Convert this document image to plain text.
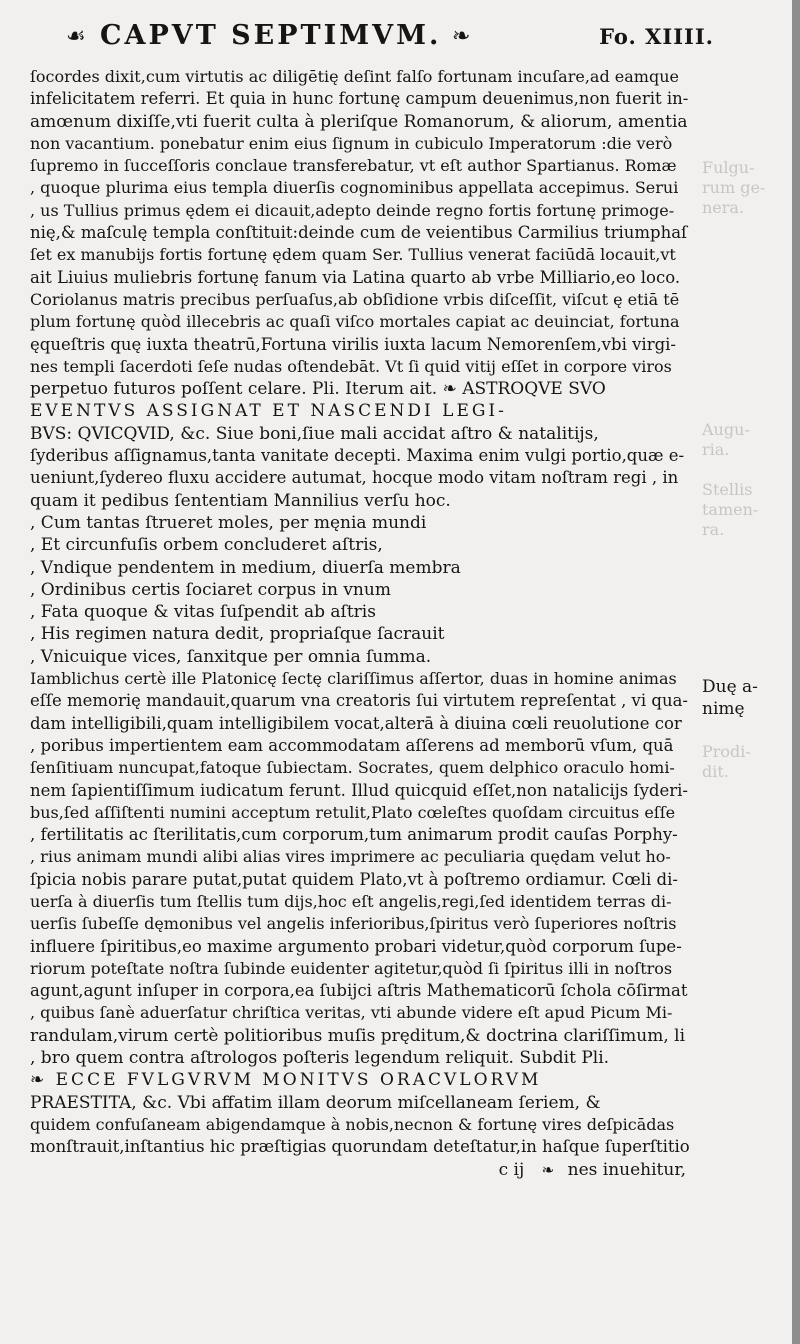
☙ CAPVT SEPTIMVM. ❧	Fo. XIIII.
ſocordes dixit,cum virtutis ac diligētię deſint falſo fortunam incuſare,ad eamque
infelicitatem referri. Et quia in hunc fortunę campum deuenimus,non fuerit in-
amœnum dixiſſe,vti fuerit culta à pleriſque Romanorum, & aliorum, amentia
non vacantium. ponebatur enim eius ſignum in cubiculo Imperatorum :die verò
ſupremo in ſucceſſoris conclaue transferebatur, vt eſt author Spartianus. Romæ
, quoque plurima eius templa diuerſis cognominibus appellata accepimus. Serui
, us Tullius primus ędem ei dicauit,adepto deinde regno fortis fortunę primoge-
nię,& maſculę templa conſtituit:deinde cum de veientibus Carmilius triumphaſ
ſet ex manubijs fortis fortunę ędem quam Ser. Tullius venerat faciūdā locauit,vt
ait Liuius muliebris fortunę fanum via Latina quarto ab vrbe Milliario,eo loco.
Coriolanus matris precibus perſuaſus,ab obſidione vrbis diſceſſit, viſcut ę etiā tē
plum fortunę quòd illecebris ac quaſi viſco mortales capiat ac deuinciat, fortuna
ęqueſtris quę iuxta theatrū,Fortuna virilis iuxta lacum Nemorenſem,vbi virgi-
nes templi ſacerdoti ſeſe nudas oſtendebāt. Vt ſi quid vitij eſſet in corpore viros
perpetuo futuros poſſent celare. Pli. Iterum ait. ❧ ASTROQVE SVO
EVENTVS ASSIGNAT ET NASCENDI LEGI-
BVS: QVICQVID, &c. Siue boni,ſiue mali accidat aſtro & natalitijs,
ſyderibus aſſignamus,tanta vanitate decepti. Maxima enim vulgi portio,quæ e-
ueniunt,ſydereo fluxu accidere autumat, hocque modo vitam noſtram regi , in
quam it pedibus ſententiam Mannilius verſu hoc.
, Cum tantas ſtrueret moles, per męnia mundi
, Et circunfuſis orbem concluderet aſtris,
, Vndique pendentem in medium, diuerſa membra
, Ordinibus certis ſociaret corpus in vnum
, Fata quoque & vitas ſuſpendit ab aſtris
, His regimen natura dedit, propriaſque ſacrauit
, Vnicuique vices, ſanxitque per omnia ſumma.
Iamblichus certè ille Platonicę ſectę clariſſimus aſſertor, duas in homine animas
eſſe memorię mandauit,quarum vna creatoris ſui virtutem repreſentat , vi qua-
dam intelligibili,quam intelligibilem vocat,alterā à diuina cœli reuolutione cor
, poribus impertientem eam accommodatam aſſerens ad memborū vſum, quā
ſenſitiuam nuncupat,fatoque ſubiectam. Socrates, quem delphico oraculo homi-
nem ſapientiſſimum iudicatum ferunt. Illud quicquid eſſet,non natalicijs ſyderi-
bus,ſed aſſiſtenti numini acceptum retulit,Plato cœleſtes quoſdam circuitus eſſe
, fertilitatis ac ſterilitatis,cum corporum,tum animarum prodit cauſas Porphy-
, rius animam mundi alibi alias vires imprimere ac peculiaria quędam velut ho-
ſpicia nobis parare putat,putat quidem Plato,vt à poſtremo ordiamur. Cœli di-
uerſa à diuerſis tum ſtellis tum dijs,hoc eſt angelis,regi,ſed identidem terras di-
uerſis ſubeſſe dęmonibus vel angelis inferioribus,ſpiritus verò ſuperiores noſtris
influere ſpiritibus,eo maxime argumento probari videtur,quòd corporum ſupe-
riorum poteſtate noſtra ſubinde euidenter agitetur,quòd ſi ſpiritus illi in noſtros
agunt,agunt inſuper in corpora,ea ſubijci aſtris Mathematicorū ſchola cōſirmat
, quibus ſanè aduerſatur chriſtica veritas, vti abunde videre eſt apud Picum Mi-
randulam,virum certè politioribus muſis pręditum,& doctrina clariſſimum, li
, bro quem contra aſtrologos poſteris legendum reliquit. Subdit Pli.
❧ ECCE FVLGVRVM MONITVS ORACVLORVM
PRAESTITA, &c. Vbi affatim illam deorum miſcellaneam ſeriem, &
quidem confuſaneam abigendamque à nobis,necnon & fortunę vires deſpicādas
monſtrauit,inſtantius hic præſtigias quorundam deteſtatur,in haſque ſuperſtitio
c ij ❧ nes inuehitur,
Fulgu- rum ge- nera.
Augu- ria.
Stellis tamen- ra.
Duę a- nimę
Prodi- dit.
